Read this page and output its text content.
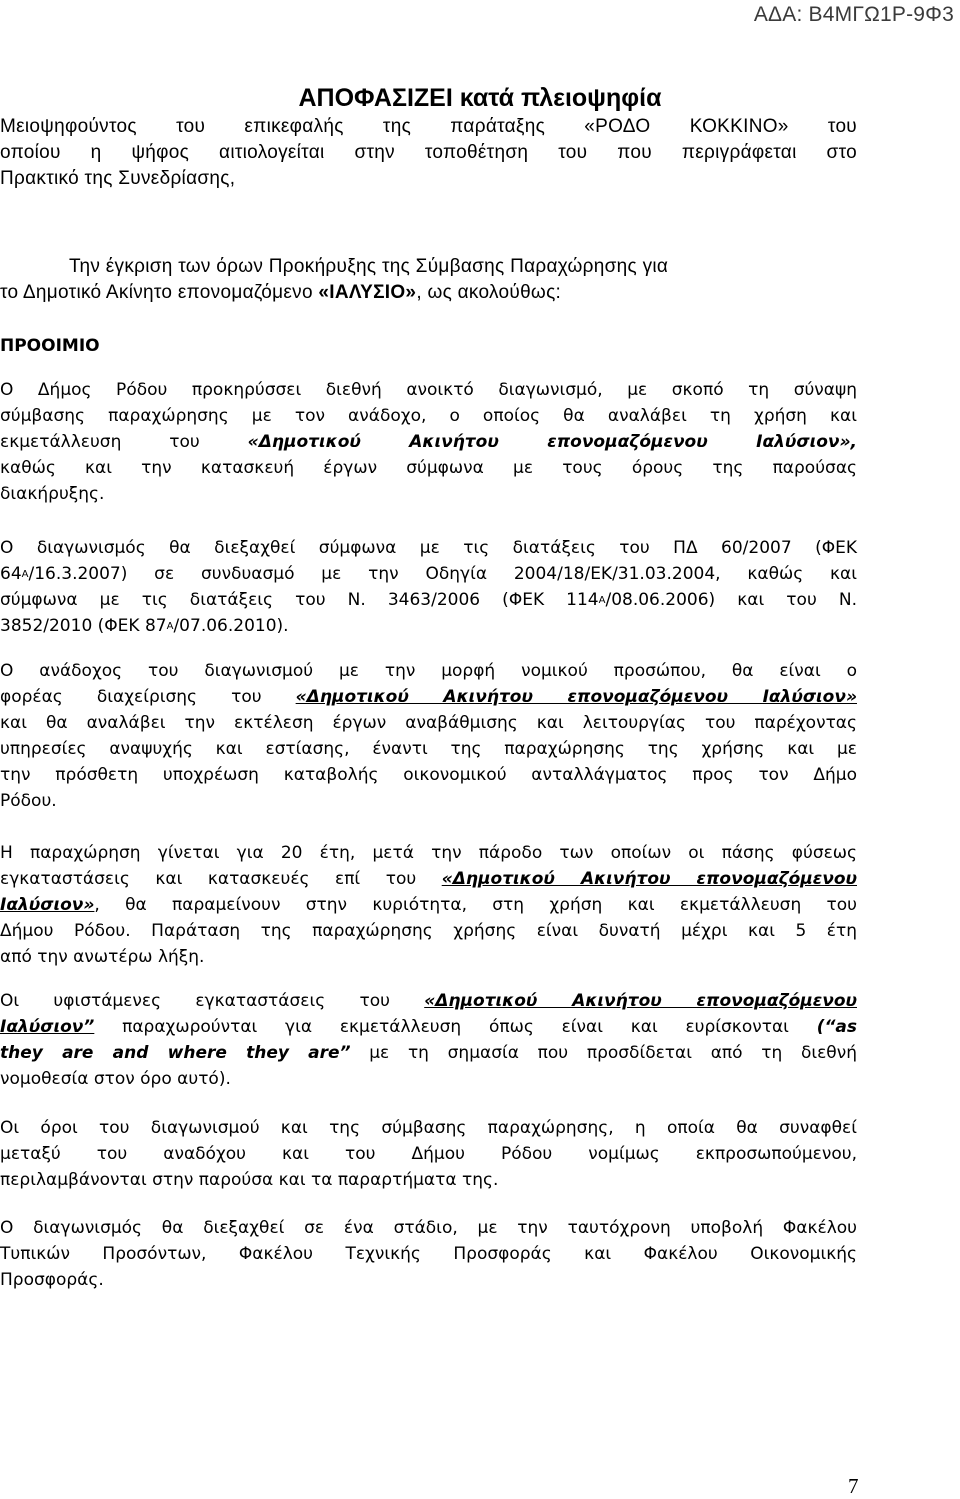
ΑΔΑ: Β4ΜΓΩ1Ρ-9Φ3
ΑΠΟΦΑΣΙΖΕΙ κατά πλειοψηφία
Μειοψηφούντος του επικεφαλής της παράταξης «ΡΟΔΟ ΚΟΚΚΙΝΟ» του
οποίου η ψήφος αιτιολογείται στην τοποθέτηση του που περιγράφεται στο
Πρακτικό της Συνεδρίασης,
Την έγκριση των όρων Προκήρυξης της Σύμβασης Παραχώρησης για
το Δημοτικό Ακίνητο επονομαζόμενο «ΙΑΛΥΣΙΟ», ως ακολούθως:
ΠΡΟΟΙΜΙΟ
Ο Δήμος Ρόδου προκηρύσσει διεθνή ανοικτό διαγωνισμό, με σκοπό τη σύναψη
σύμβασης παραχώρησης με τον ανάδοχο, ο οποίος θα αναλάβει τη χρήση και
εκμετάλλευση του «Δημοτικού Ακινήτου επονομαζόμενου Ιαλύσιον»,
καθώς και την κατασκευή έργων σύμφωνα με τους όρους της παρούσας
διακήρυξης.
Ο διαγωνισμός θα διεξαχθεί σύμφωνα με τις διατάξεις του ΠΔ 60/2007 (ΦΕΚ
$64^A/16.3.2007$) σε συνδυασμό με την Οδηγία 2004/18/ΕΚ/31.03.2004, καθώς και
σύμφωνα με τις διατάξεις του Ν. 3463/2006 (ΦΕΚ $114^A/08.06.2006$) και του Ν.
3852/2010 (ΦΕΚ $87^A/07.06.2010$).
Ο ανάδοχος του διαγωνισμού με την μορφή νομικού προσώπου, θα είναι ο
φορέας διαχείρισης του «Δημοτικού Ακινήτου επονομαζόμενου Ιαλύσιον»
και θα αναλάβει την εκτέλεση έργων αναβάθμισης και λειτουργίας του παρέχοντας
υπηρεσίες αναψυχής και εστίασης, έναντι της παραχώρησης της χρήσης και με
την πρόσθετη υποχρέωση καταβολής οικονομικού ανταλλάγματος προς τον Δήμο
Ρόδου.
Η παραχώρηση γίνεται για 20 έτη, μετά την πάροδο των οποίων οι πάσης φύσεως
εγκαταστάσεις και κατασκευές επί του «Δημοτικού Ακινήτου επονομαζόμενου
Ιαλύσιον», θα παραμείνουν στην κυριότητα, στη χρήση και εκμετάλλευση του
Δήμου Ρόδου. Παράταση της παραχώρησης χρήσης είναι δυνατή μέχρι και 5 έτη
από την ανωτέρω λήξη.
Οι υφιστάμενες εγκαταστάσεις του «Δημοτικού Ακινήτου επονομαζόμενου
Ιαλύσιον” παραχωρούνται για εκμετάλλευση όπως είναι και ευρίσκονται (“as
they are and where they are” με τη σημασία που προσδίδεται από τη διεθνή
νομοθεσία στον όρο αυτό).
Οι όροι του διαγωνισμού και της σύμβασης παραχώρησης, η οποία θα συναφθεί
μεταξύ του αναδόχου και του Δήμου Ρόδου νομίμως εκπροσωπούμενου,
περιλαμβάνονται στην παρούσα και τα παραρτήματα της.
Ο διαγωνισμός θα διεξαχθεί σε ένα στάδιο, με την ταυτόχρονη υποβολή Φακέλου
Τυπικών Προσόντων, Φακέλου Τεχνικής Προσφοράς και Φακέλου Οικονομικής
Προσφοράς.
7
